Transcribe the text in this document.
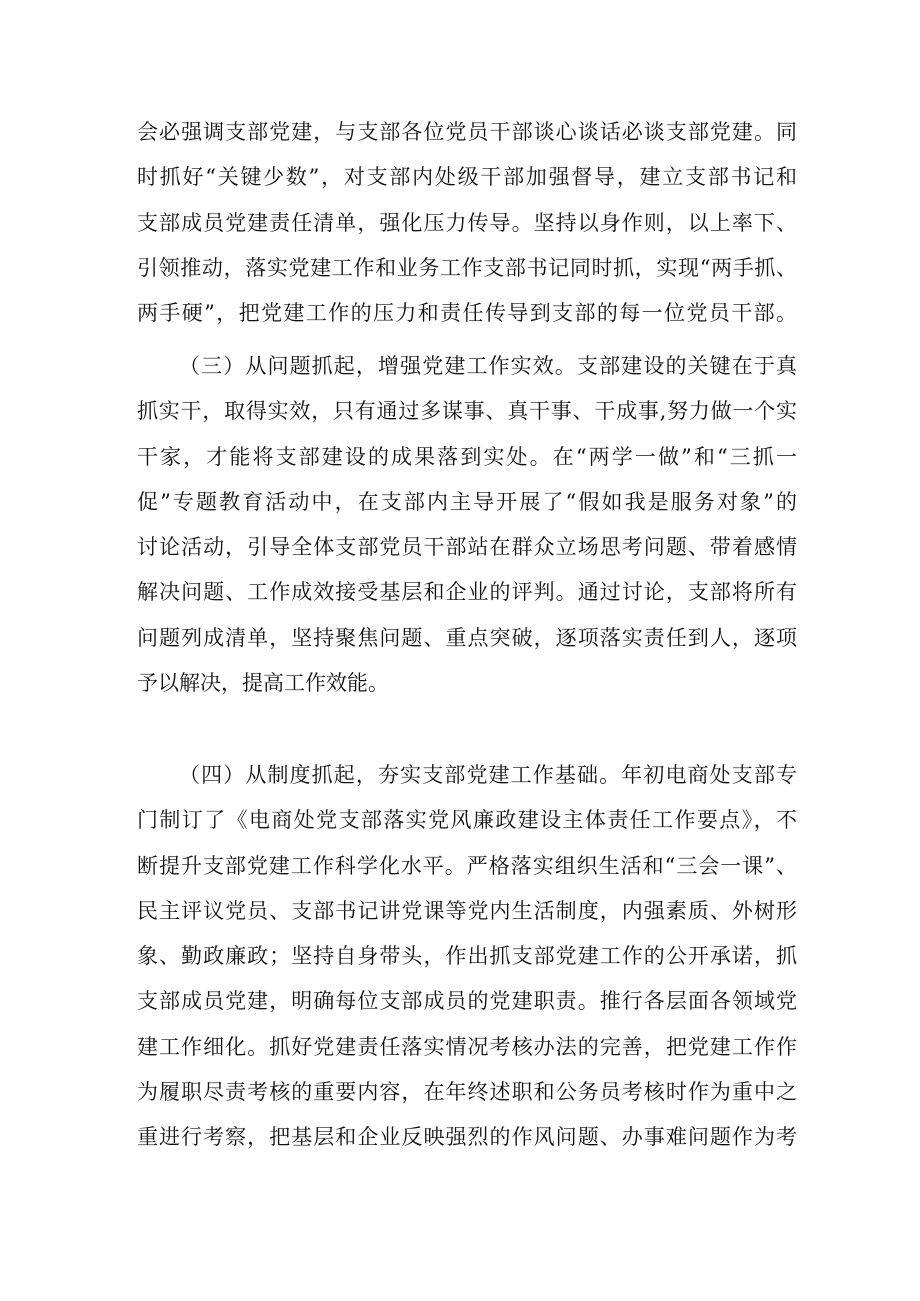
会必强调支部党建，与支部各位党员干部谈心谈话必谈支部党建。同
时抓好“关键少数”，对支部内处级干部加强督导，建立支部书记和
支部成员党建责任清单，强化压力传导。坚持以身作则，以上率下、
引领推动，落实党建工作和业务工作支部书记同时抓，实现“两手抓、
两手硬”，把党建工作的压力和责任传导到支部的每一位党员干部。
（三）从问题抓起，增强党建工作实效。支部建设的关键在于真
抓实干，取得实效，只有通过多谋事、真干事、干成事,努力做一个实
干家，才能将支部建设的成果落到实处。在“两学一做”和“三抓一
促”专题教育活动中，在支部内主导开展了“假如我是服务对象”的
讨论活动，引导全体支部党员干部站在群众立场思考问题、带着感情
解决问题、工作成效接受基层和企业的评判。通过讨论，支部将所有
问题列成清单，坚持聚焦问题、重点突破，逐项落实责任到人，逐项
予以解决，提高工作效能。
（四）从制度抓起，夯实支部党建工作基础。年初电商处支部专
门制订了《电商处党支部落实党风廉政建设主体责任工作要点》，不
断提升支部党建工作科学化水平。严格落实组织生活和“三会一课”、
民主评议党员、支部书记讲党课等党内生活制度，内强素质、外树形
象、勤政廉政；坚持自身带头，作出抓支部党建工作的公开承诺，抓
支部成员党建，明确每位支部成员的党建职责。推行各层面各领域党
建工作细化。抓好党建责任落实情况考核办法的完善，把党建工作作
为履职尽责考核的重要内容，在年终述职和公务员考核时作为重中之
重进行考察，把基层和企业反映强烈的作风问题、办事难问题作为考
